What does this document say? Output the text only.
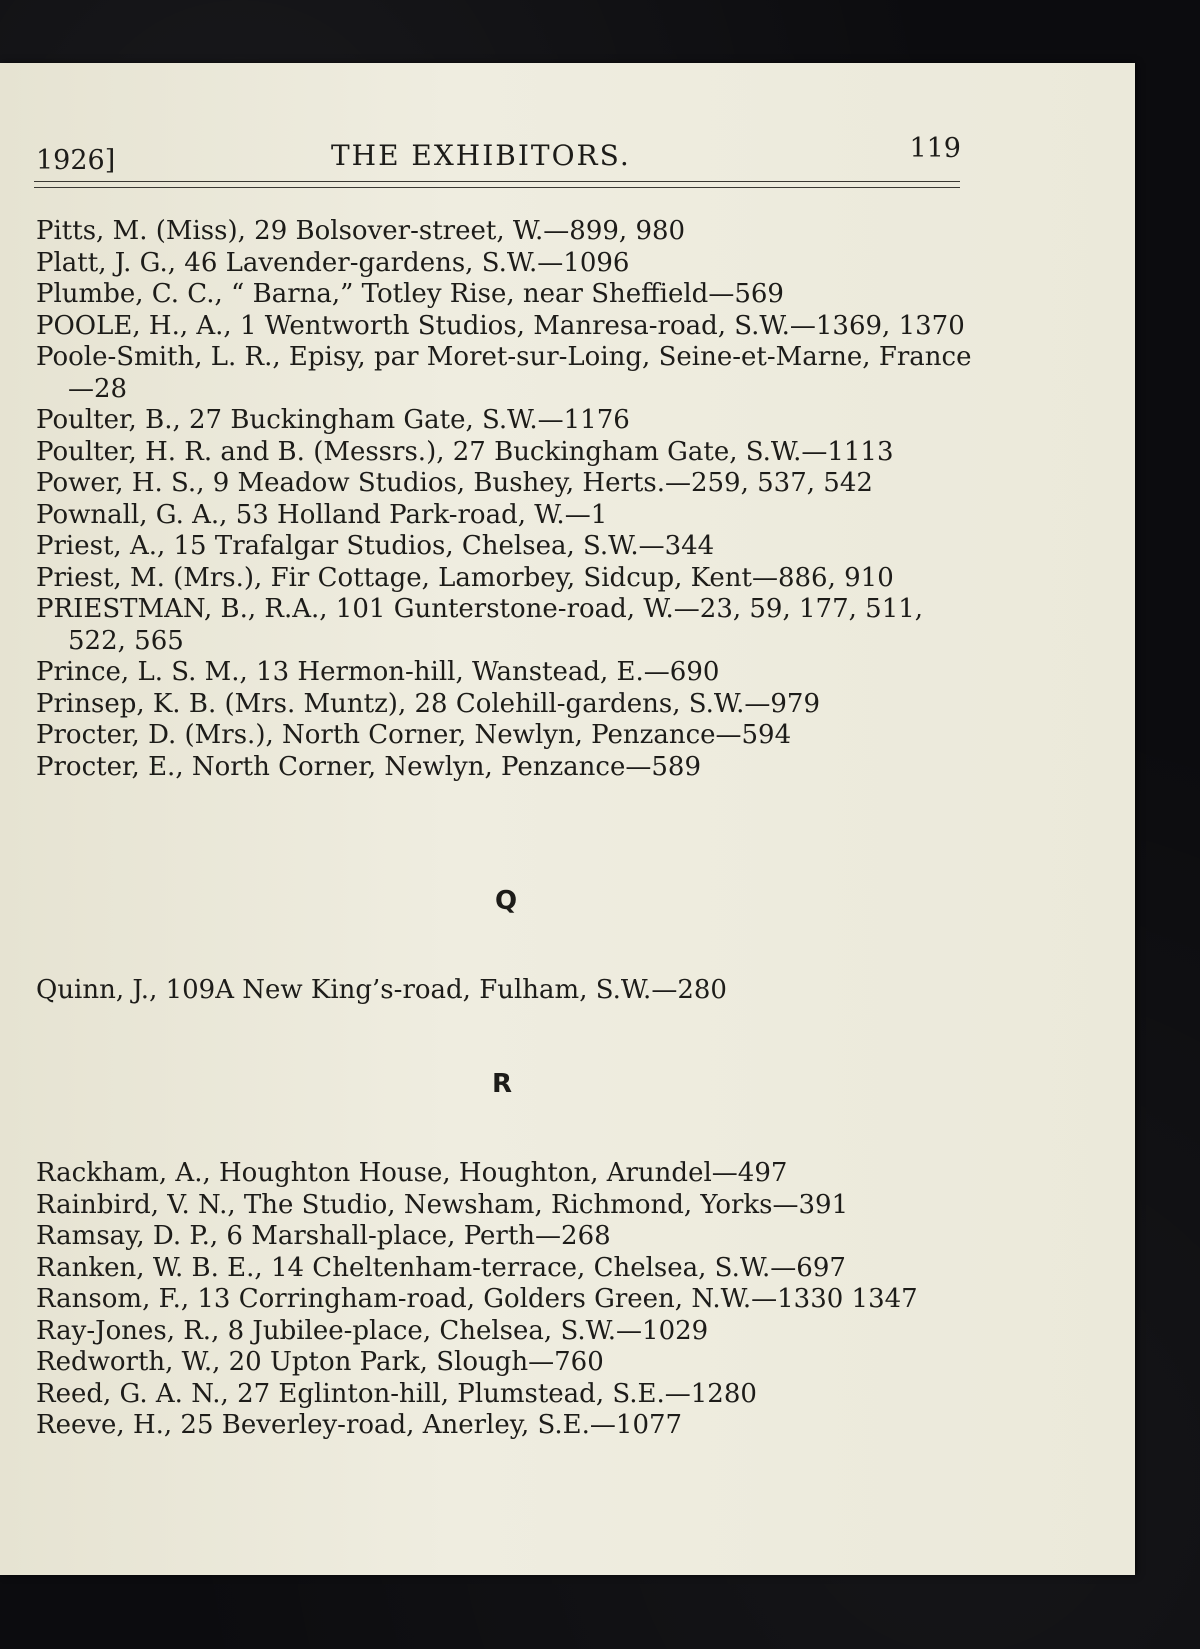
1926]	THE EXHIBITORS.	119
Pitts, M. (Miss), 29 Bolsover-street, W.—899, 980
Platt, J. G., 46 Lavender-gardens, S.W.—1096
Plumbe, C. C., “ Barna,” Totley Rise, near Sheffield—569
POOLE, H., A., 1 Wentworth Studios, Manresa-road, S.W.—1369, 1370
Poole-Smith, L. R., Episy, par Moret-sur-Loing, Seine-et-Marne, France—28
Poulter, B., 27 Buckingham Gate, S.W.—1176
Poulter, H. R. and B. (Messrs.), 27 Buckingham Gate, S.W.—1113
Power, H. S., 9 Meadow Studios, Bushey, Herts.—259, 537, 542
Pownall, G. A., 53 Holland Park-road, W.—1
Priest, A., 15 Trafalgar Studios, Chelsea, S.W.—344
Priest, M. (Mrs.), Fir Cottage, Lamorbey, Sidcup, Kent—886, 910
PRIESTMAN, B., R.A., 101 Gunterstone-road, W.—23, 59, 177, 511, 522, 565
Prince, L. S. M., 13 Hermon-hill, Wanstead, E.—690
Prinsep, K. B. (Mrs. Muntz), 28 Colehill-gardens, S.W.—979
Procter, D. (Mrs.), North Corner, Newlyn, Penzance—594
Procter, E., North Corner, Newlyn, Penzance—589
Q
Quinn, J., 109A New King’s-road, Fulham, S.W.—280
R
Rackham, A., Houghton House, Houghton, Arundel—497
Rainbird, V. N., The Studio, Newsham, Richmond, Yorks—391
Ramsay, D. P., 6 Marshall-place, Perth—268
Ranken, W. B. E., 14 Cheltenham-terrace, Chelsea, S.W.—697
Ransom, F., 13 Corringham-road, Golders Green, N.W.—1330 1347
Ray-Jones, R., 8 Jubilee-place, Chelsea, S.W.—1029
Redworth, W., 20 Upton Park, Slough—760
Reed, G. A. N., 27 Eglinton-hill, Plumstead, S.E.—1280
Reeve, H., 25 Beverley-road, Anerley, S.E.—1077
